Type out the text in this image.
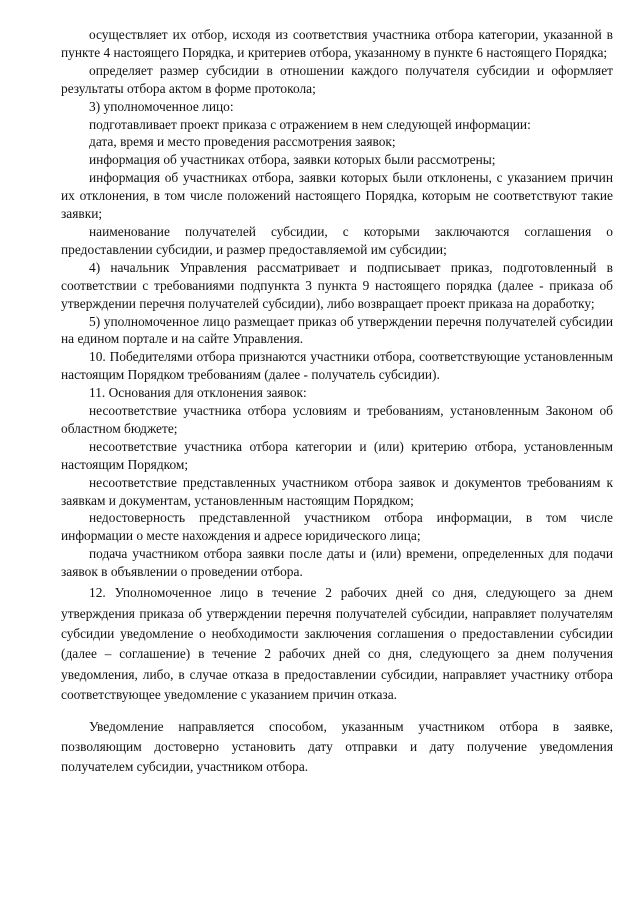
осуществляет их отбор, исходя из соответствия участника отбора категории, указанной в пункте 4 настоящего Порядка, и критериев отбора, указанному в пункте 6 настоящего Порядка;

определяет размер субсидии в отношении каждого получателя субсидии и оформляет результаты отбора актом в форме протокола;

3) уполномоченное лицо:

подготавливает проект приказа с отражением в нем следующей информации:

дата, время и место проведения рассмотрения заявок;

информация об участниках отбора, заявки которых были рассмотрены;

информация об участниках отбора, заявки которых были отклонены, с указанием причин их отклонения, в том числе положений настоящего Порядка, которым не соответствуют такие заявки;

наименование получателей субсидии, с которыми заключаются соглашения о предоставлении субсидии, и размер предоставляемой им субсидии;

4) начальник Управления рассматривает и подписывает приказ, подготовленный в соответствии с требованиями подпункта 3 пункта 9 настоящего порядка (далее - приказа об утверждении перечня получателей субсидии), либо возвращает проект приказа на доработку;

5) уполномоченное лицо размещает приказ об утверждении перечня получателей субсидии на едином портале и на сайте Управления.

10. Победителями отбора признаются участники отбора, соответствующие установленным настоящим Порядком требованиям (далее - получатель субсидии).

11. Основания для отклонения заявок:

несоответствие участника отбора условиям и требованиям, установленным Законом об областном бюджете;

несоответствие участника отбора категории и (или) критерию отбора, установленным настоящим Порядком;

несоответствие представленных участником отбора заявок и документов требованиям к заявкам и документам, установленным настоящим Порядком;

недостоверность представленной участником отбора информации, в том числе информации о месте нахождения и адресе юридического лица;

подача участником отбора заявки после даты и (или) времени, определенных для подачи заявок в объявлении о проведении отбора.

12. Уполномоченное лицо в течение 2 рабочих дней со дня, следующего за днем утверждения приказа об утверждении перечня получателей субсидии, направляет получателям субсидии уведомление о необходимости заключения соглашения о предоставлении субсидии (далее – соглашение) в течение 2 рабочих дней со дня, следующего за днем получения уведомления, либо, в случае отказа в предоставлении субсидии, направляет участнику отбора соответствующее уведомление с указанием причин отказа.

Уведомление направляется способом, указанным участником отбора в заявке, позволяющим достоверно установить дату отправки и дату получение уведомления получателем субсидии, участником отбора.
